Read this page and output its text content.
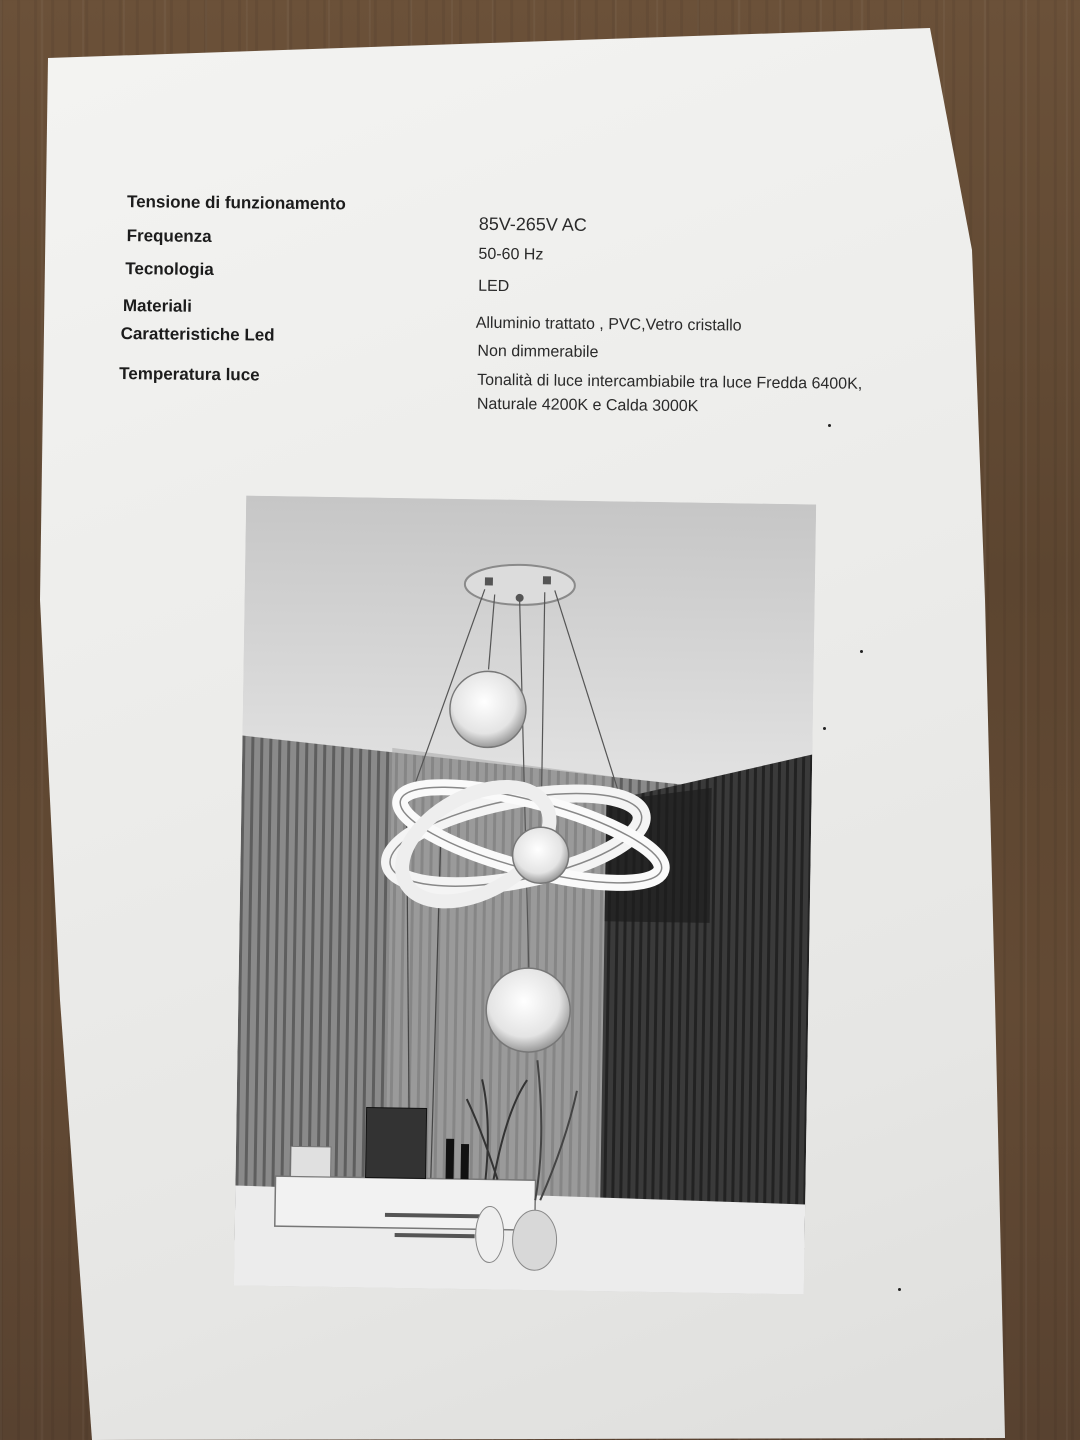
Tensione di funzionamento
85V-265V AC
Frequenza
50-60 Hz
Tecnologia
LED
Materiali
Alluminio trattato , PVC,Vetro cristallo
Caratteristiche Led
Non dimmerabile
Temperatura luce	Tonalità di luce intercambiabile tra luce Fredda 6400K,
Naturale 4200K e Calda 3000K
